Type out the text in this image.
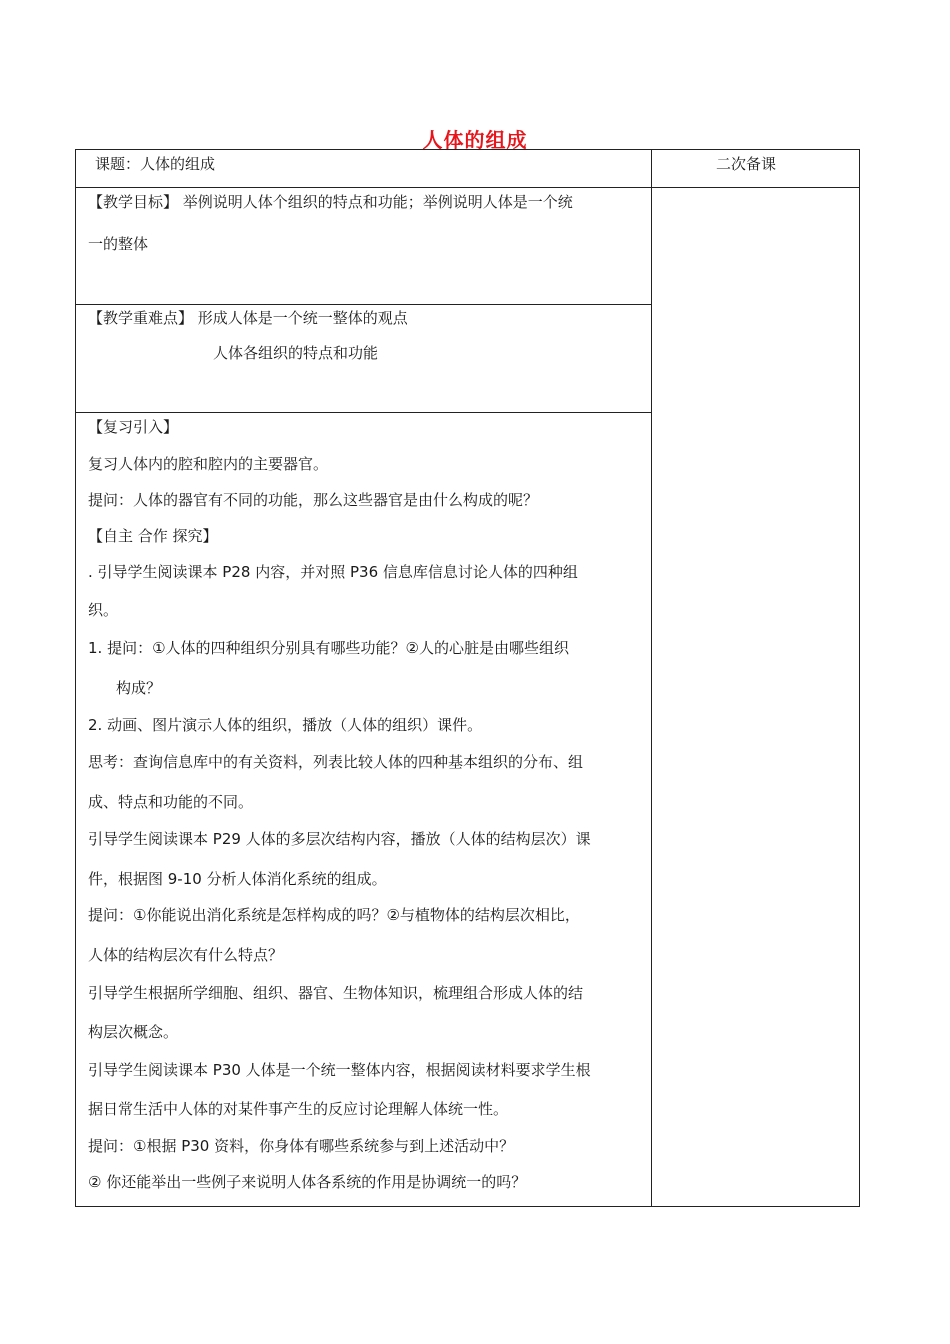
人体的组成
课题：人体的组成	二次备课
【教学目标】 举例说明人体个组织的特点和功能；举例说明人体是一个统
一的整体
【教学重难点】 形成人体是一个统一整体的观点
人体各组织的特点和功能
【复习引入】
复习人体内的腔和腔内的主要器官。
提问：人体的器官有不同的功能，那么这些器官是由什么构成的呢？
【自主 合作 探究】
. 引导学生阅读课本 P28 内容，并对照 P36 信息库信息讨论人体的四种组
织。
1. 提问：①人体的四种组织分别具有哪些功能？②人的心脏是由哪些组织
构成？
2. 动画、图片演示人体的组织，播放（人体的组织）课件。
思考：查询信息库中的有关资料，列表比较人体的四种基本组织的分布、组
成、特点和功能的不同。
引导学生阅读课本 P29 人体的多层次结构内容，播放（人体的结构层次）课
件，根据图 9-10 分析人体消化系统的组成。
提问：①你能说出消化系统是怎样构成的吗？②与植物体的结构层次相比，
人体的结构层次有什么特点？
引导学生根据所学细胞、组织、器官、生物体知识，梳理组合形成人体的结
构层次概念。
引导学生阅读课本 P30 人体是一个统一整体内容，根据阅读材料要求学生根
据日常生活中人体的对某件事产生的反应讨论理解人体统一性。
提问：①根据 P30 资料，你身体有哪些系统参与到上述活动中？
② 你还能举出一些例子来说明人体各系统的作用是协调统一的吗？
